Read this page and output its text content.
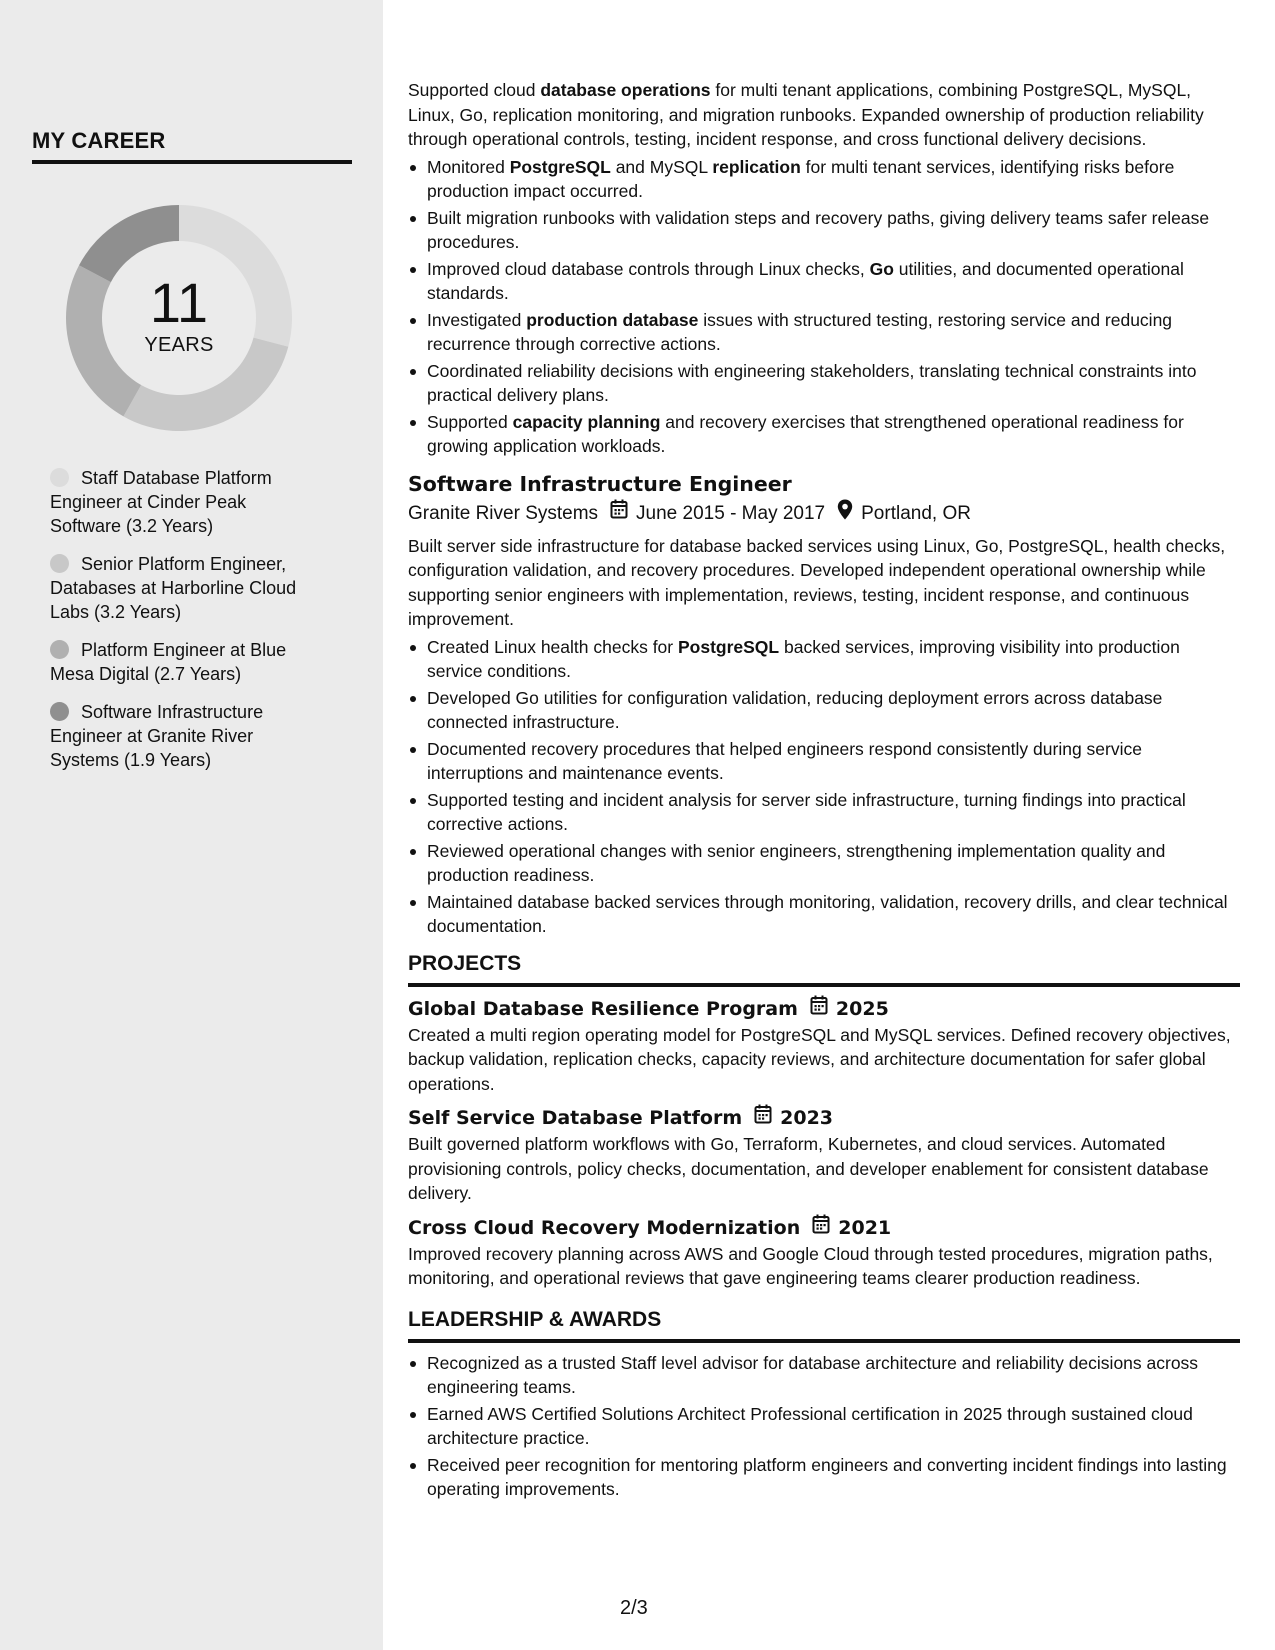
MY CAREER
11
YEARS
Staff Database Platform Engineer at Cinder Peak Software (3.2 Years)
Senior Platform Engineer, Databases at Harborline Cloud Labs (3.2 Years)
Platform Engineer at Blue Mesa Digital (2.7 Years)
Software Infrastructure Engineer at Granite River Systems (1.9 Years)
Supported cloud database operations for multi tenant applications, combining PostgreSQL, MySQL, Linux, Go, replication monitoring, and migration runbooks. Expanded ownership of production reliability through operational controls, testing, incident response, and cross functional delivery decisions.
Monitored PostgreSQL and MySQL replication for multi tenant services, identifying risks before production impact occurred.
Built migration runbooks with validation steps and recovery paths, giving delivery teams safer release procedures.
Improved cloud database controls through Linux checks, Go utilities, and documented operational standards.
Investigated production database issues with structured testing, restoring service and reducing recurrence through corrective actions.
Coordinated reliability decisions with engineering stakeholders, translating technical constraints into practical delivery plans.
Supported capacity planning and recovery exercises that strengthened operational readiness for growing application workloads.
Software Infrastructure Engineer
Granite River Systems June 2015 - May 2017 Portland, OR
Built server side infrastructure for database backed services using Linux, Go, PostgreSQL, health checks, configuration validation, and recovery procedures. Developed independent operational ownership while supporting senior engineers with implementation, reviews, testing, incident response, and continuous improvement.
Created Linux health checks for PostgreSQL backed services, improving visibility into production service conditions.
Developed Go utilities for configuration validation, reducing deployment errors across database connected infrastructure.
Documented recovery procedures that helped engineers respond consistently during service interruptions and maintenance events.
Supported testing and incident analysis for server side infrastructure, turning findings into practical corrective actions.
Reviewed operational changes with senior engineers, strengthening implementation quality and production readiness.
Maintained database backed services through monitoring, validation, recovery drills, and clear technical documentation.
PROJECTS
Global Database Resilience Program 2025
Created a multi region operating model for PostgreSQL and MySQL services. Defined recovery objectives, backup validation, replication checks, capacity reviews, and architecture documentation for safer global operations.
Self Service Database Platform 2023
Built governed platform workflows with Go, Terraform, Kubernetes, and cloud services. Automated provisioning controls, policy checks, documentation, and developer enablement for consistent database delivery.
Cross Cloud Recovery Modernization 2021
Improved recovery planning across AWS and Google Cloud through tested procedures, migration paths, monitoring, and operational reviews that gave engineering teams clearer production readiness.
LEADERSHIP & AWARDS
Recognized as a trusted Staff level advisor for database architecture and reliability decisions across engineering teams.
Earned AWS Certified Solutions Architect Professional certification in 2025 through sustained cloud architecture practice.
Received peer recognition for mentoring platform engineers and converting incident findings into lasting operating improvements.
2/3
